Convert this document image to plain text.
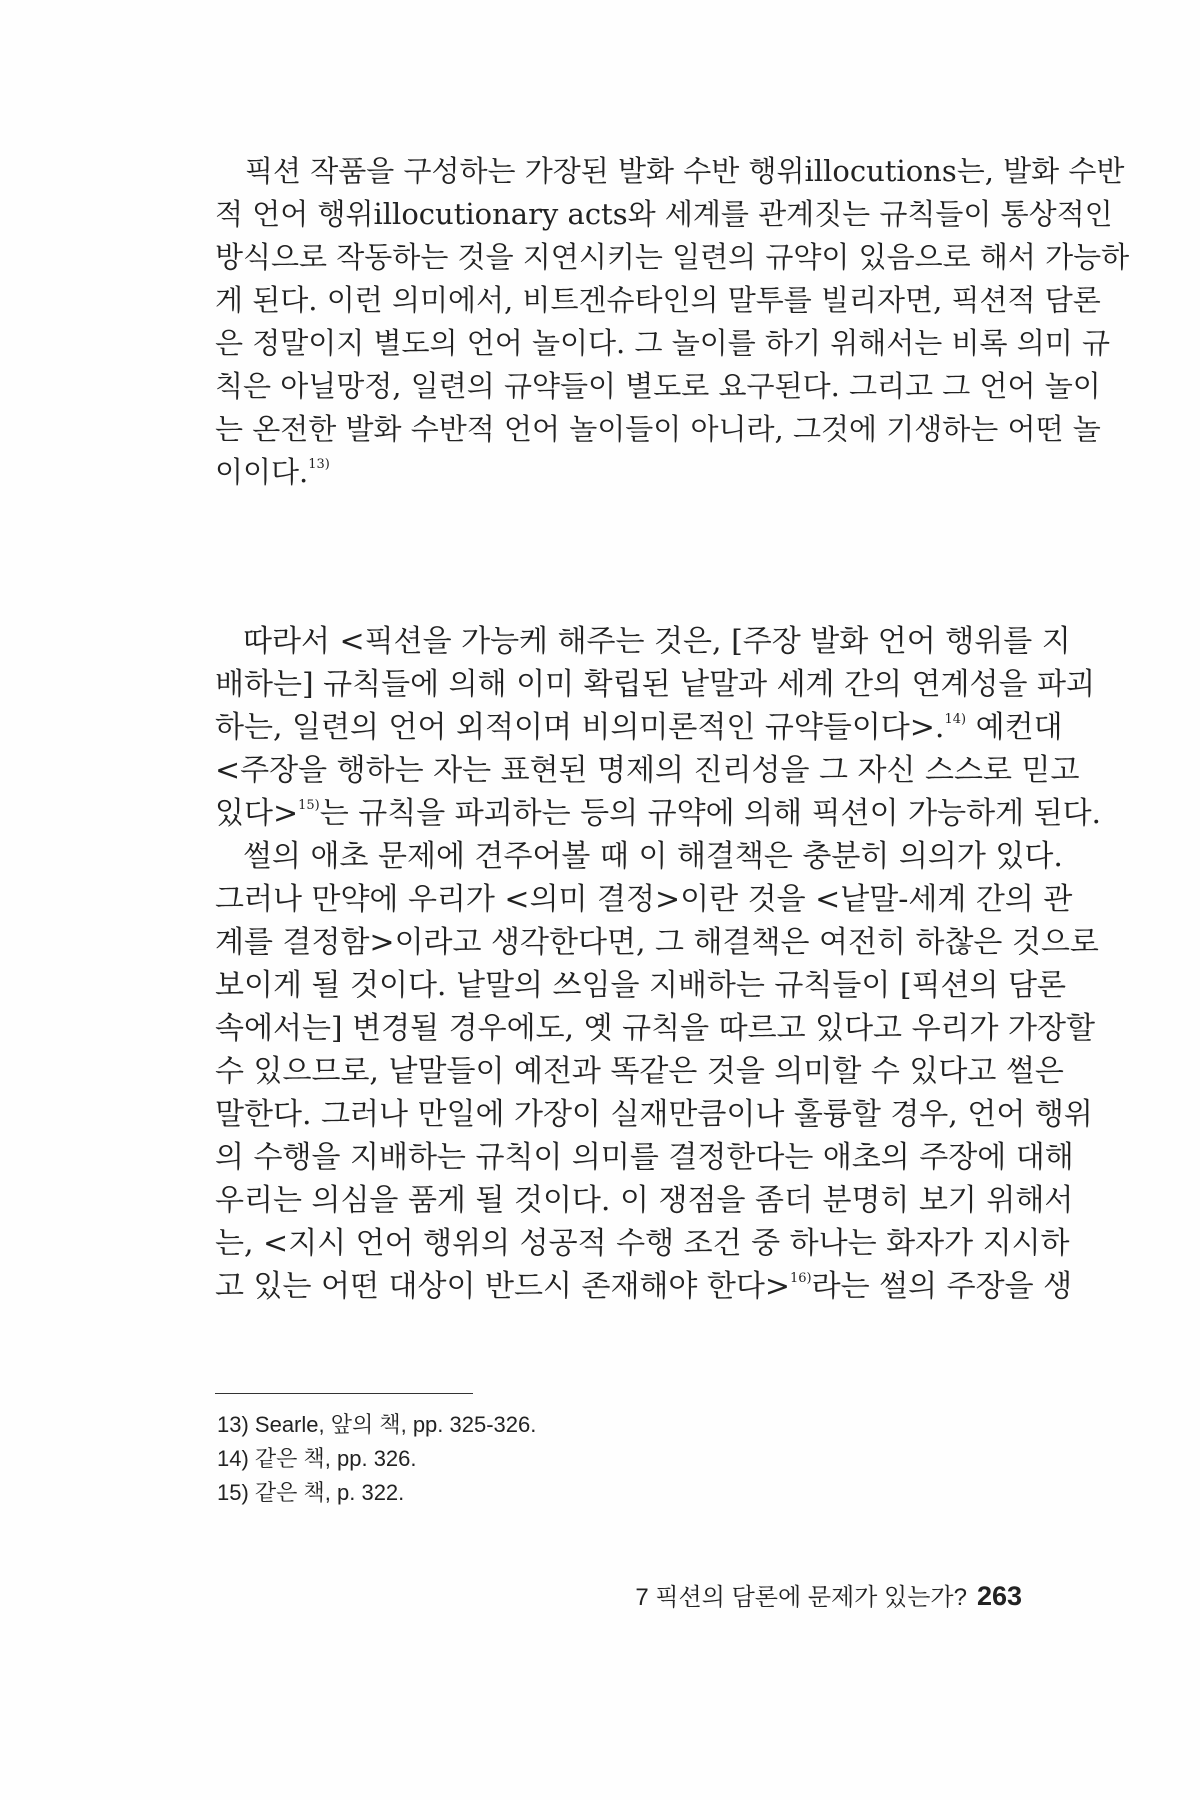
픽션 작품을 구성하는 가장된 발화 수반 행위illocutions는, 발화 수반
적 언어 행위illocutionary acts와 세계를 관계짓는 규칙들이 통상적인
방식으로 작동하는 것을 지연시키는 일련의 규약이 있음으로 해서 가능하
게 된다. 이런 의미에서, 비트겐슈타인의 말투를 빌리자면, 픽션적 담론
은 정말이지 별도의 언어 놀이다. 그 놀이를 하기 위해서는 비록 의미 규
칙은 아닐망정, 일련의 규약들이 별도로 요구된다. 그리고 그 언어 놀이
는 온전한 발화 수반적 언어 놀이들이 아니라, 그것에 기생하는 어떤 놀
이이다.$^{13)}$
따라서 <픽션을 가능케 해주는 것은, [주장 발화 언어 행위를 지
배하는] 규칙들에 의해 이미 확립된 낱말과 세계 간의 연계성을 파괴
하는, 일련의 언어 외적이며 비의미론적인 규약들이다>.$^{14)}$ 예컨대
<주장을 행하는 자는 표현된 명제의 진리성을 그 자신 스스로 믿고
있다>$^{15)}$는 규칙을 파괴하는 등의 규약에 의해 픽션이 가능하게 된다.
썰의 애초 문제에 견주어볼 때 이 해결책은 충분히 의의가 있다.
그러나 만약에 우리가 <의미 결정>이란 것을 <낱말-세계 간의 관
계를 결정함>이라고 생각한다면, 그 해결책은 여전히 하찮은 것으로
보이게 될 것이다. 낱말의 쓰임을 지배하는 규칙들이 [픽션의 담론
속에서는] 변경될 경우에도, 옛 규칙을 따르고 있다고 우리가 가장할
수 있으므로, 낱말들이 예전과 똑같은 것을 의미할 수 있다고 썰은
말한다. 그러나 만일에 가장이 실재만큼이나 훌륭할 경우, 언어 행위
의 수행을 지배하는 규칙이 의미를 결정한다는 애초의 주장에 대해
우리는 의심을 품게 될 것이다. 이 쟁점을 좀더 분명히 보기 위해서
는, <지시 언어 행위의 성공적 수행 조건 중 하나는 화자가 지시하
고 있는 어떤 대상이 반드시 존재해야 한다>$^{16)}$라는 썰의 주장을 생
13) Searle, 앞의 책, pp. 325-326.
14) 같은 책, pp. 326.
15) 같은 책, p. 322.
7 픽션의 담론에 문제가 있는가? 263
